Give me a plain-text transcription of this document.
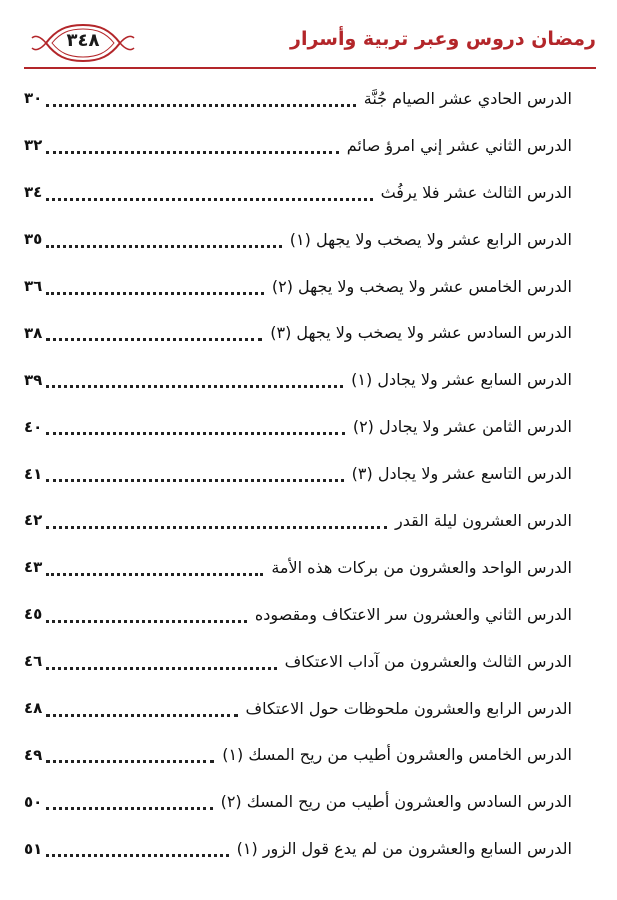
٣٤٨	رمضان دروس وعبر تربية وأسرار
الدرس الحادي عشر الصيام جُنَّة
٣٠
الدرس الثاني عشر إني امرؤ صائم
٣٢
الدرس الثالث عشر فلا يرفُث
٣٤
الدرس الرابع عشر ولا يصخب ولا يجهل (١)
٣٥
الدرس الخامس عشر ولا يصخب ولا يجهل (٢)
٣٦
الدرس السادس عشر ولا يصخب ولا يجهل (٣)
٣٨
الدرس السابع عشر ولا يجادل (١)
٣٩
الدرس الثامن عشر ولا يجادل (٢)
٤٠
الدرس التاسع عشر ولا يجادل (٣)
٤١
الدرس العشرون ليلة القدر
٤٢
الدرس الواحد والعشرون من بركات هذه الأمة
٤٣
الدرس الثاني والعشرون سر الاعتكاف ومقصوده
٤٥
الدرس الثالث والعشرون من آداب الاعتكاف
٤٦
الدرس الرابع والعشرون ملحوظات حول الاعتكاف
٤٨
الدرس الخامس والعشرون أطيب من ريح المسك (١)
٤٩
الدرس السادس والعشرون أطيب من ريح المسك (٢)
٥٠
الدرس السابع والعشرون من لم يدع قول الزور (١)
٥١
